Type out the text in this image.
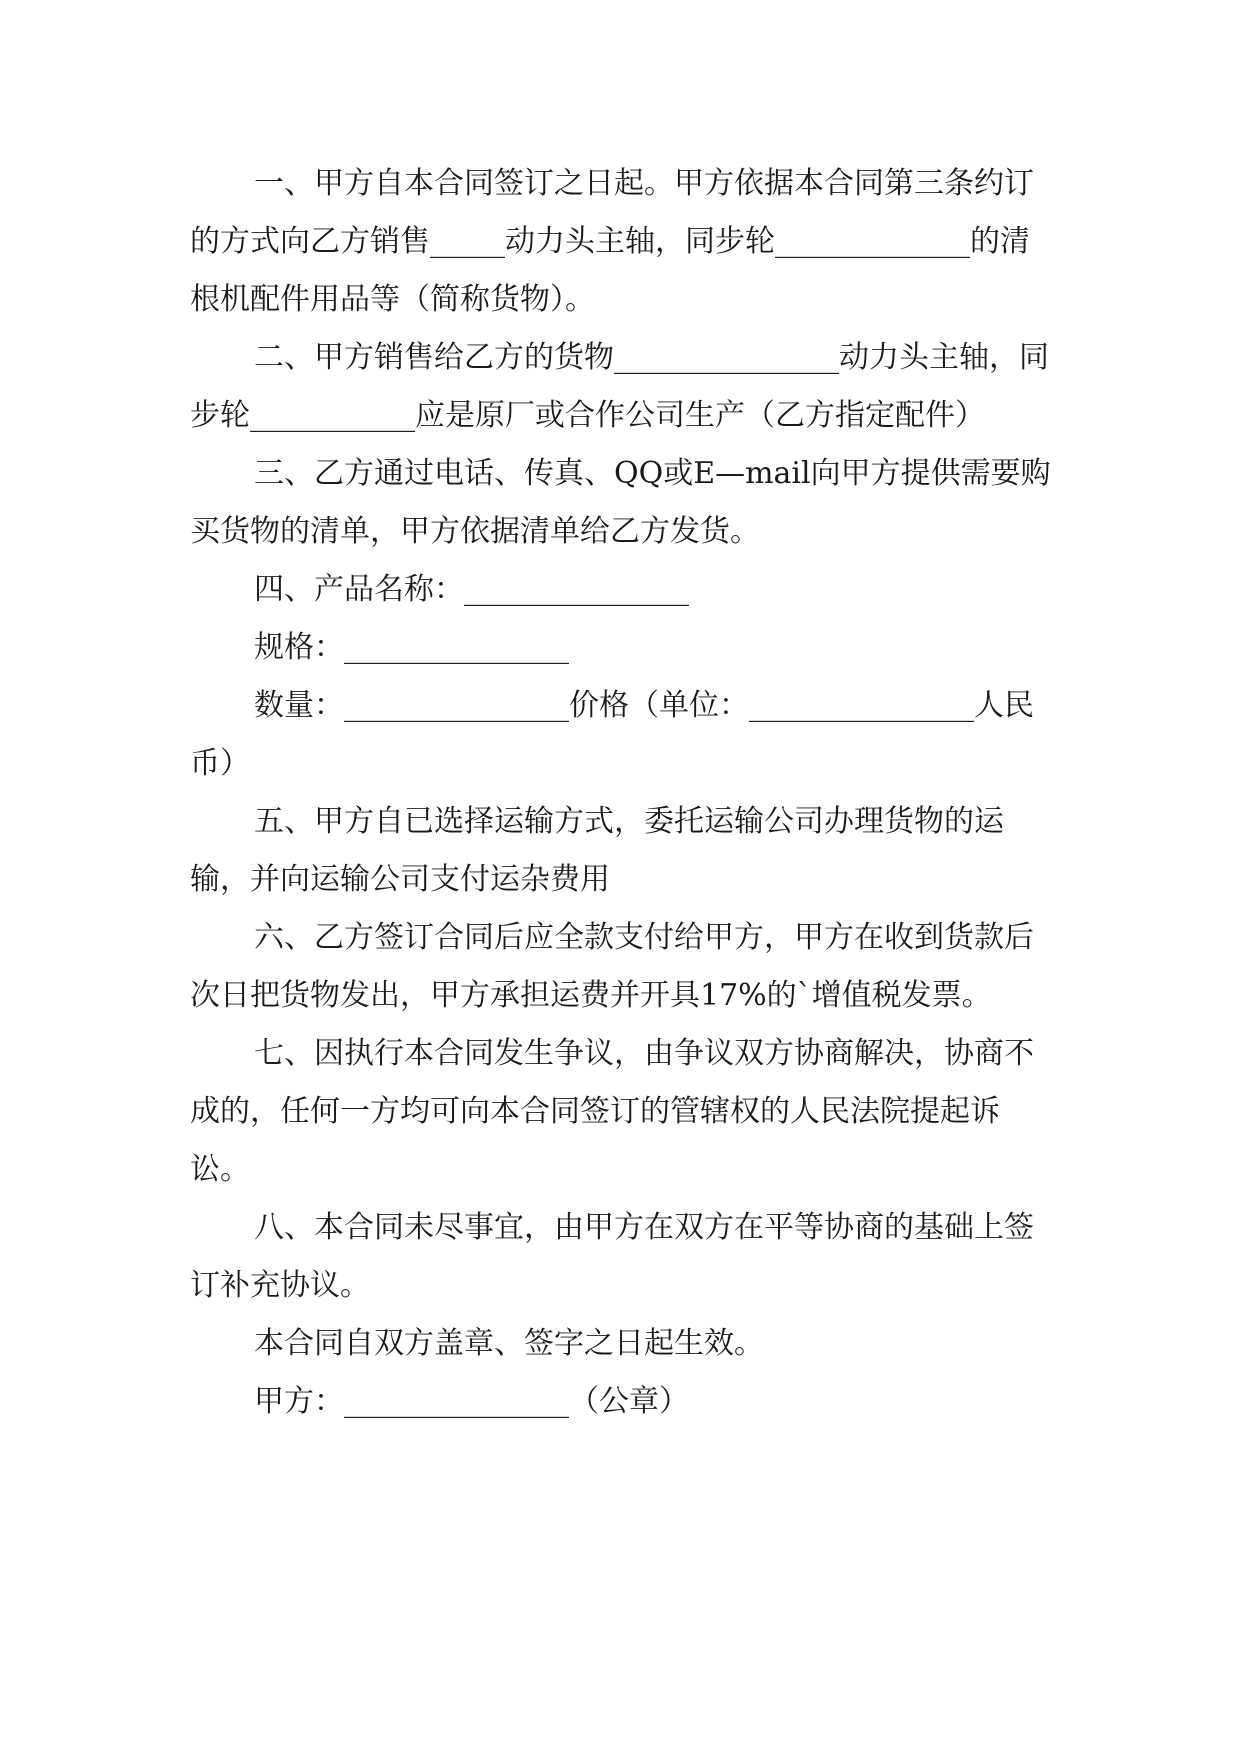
一、甲方自本合同签订之日起。甲方依据本合同第三条约订的方式向乙方销售_____动力头主轴，同步轮_____________的清根机配件用品等（简称货物）。

二、甲方销售给乙方的货物_______________动力头主轴，同步轮___________应是原厂或合作公司生产（乙方指定配件）

三、乙方通过电话、传真、QQ或E—mail向甲方提供需要购买货物的清单，甲方依据清单给乙方发货。

四、产品名称：_______________

规格：_______________

数量：_______________价格（单位：_______________人民币）

五、甲方自已选择运输方式，委托运输公司办理货物的运输，并向运输公司支付运杂费用

六、乙方签订合同后应全款支付给甲方，甲方在收到货款后次日把货物发出，甲方承担运费并开具17%的`增值税发票。

七、因执行本合同发生争议，由争议双方协商解决，协商不成的，任何一方均可向本合同签订的管辖权的人民法院提起诉讼。

八、本合同未尽事宜，由甲方在双方在平等协商的基础上签订补充协议。

本合同自双方盖章、签字之日起生效。

甲方：_______________（公章）
